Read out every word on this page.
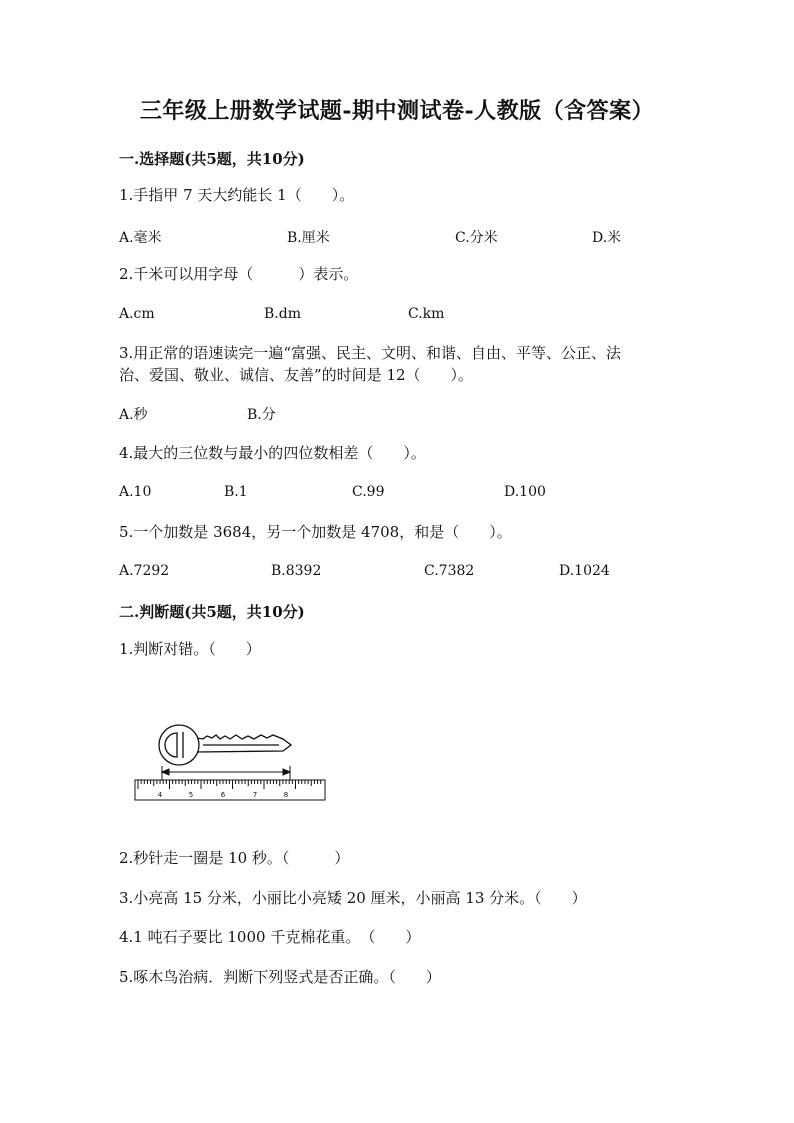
三年级上册数学试题-期中测试卷-人教版（含答案）
一.选择题(共5题，共10分)
1.手指甲 7 天大约能长 1（　　）。
A.毫米	B.厘米	C.分米	D.米
2.千米可以用字母（　　　）表示。
A.cm	B.dm	C.km
3.用正常的语速读完一遍“富强、民主、文明、和谐、自由、平等、公正、法
治、爱国、敬业、诚信、友善”的时间是 12（　　）。
A.秒	B.分
4.最大的三位数与最小的四位数相差（　　）。
A.10	B.1	C.99	D.100
5.一个加数是 3684，另一个加数是 4708，和是（　　）。
A.7292	B.8392	C.7382	D.1024
二.判断题(共5题，共10分)
1.判断对错。（　　）
4	5	6	7	8
2.秒针走一圈是 10 秒。（　　　）
3.小亮高 15 分米，小丽比小亮矮 20 厘米，小丽高 13 分米。（　　）
4.1 吨石子要比 1000 千克棉花重。　（　　）
5.啄木鸟治病．判断下列竖式是否正确。（　　）
